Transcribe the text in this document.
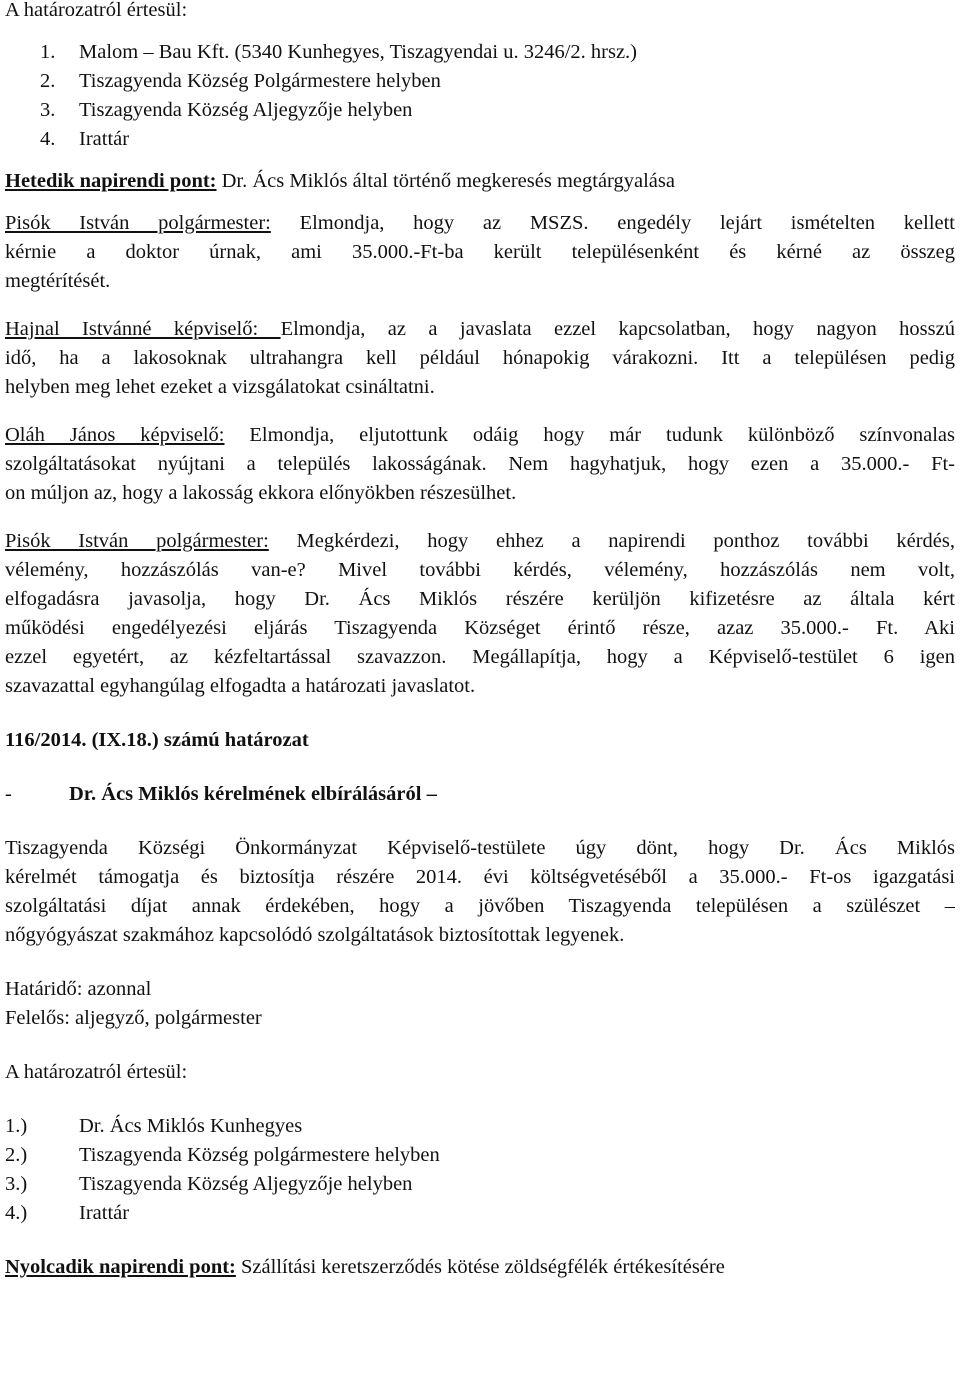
A határozatról értesül:
1.	Malom – Bau Kft. (5340 Kunhegyes, Tiszagyendai u. 3246/2. hrsz.)
2.	Tiszagyenda Község Polgármestere helyben
3.	Tiszagyenda Község Aljegyzője helyben
4.	Irattár
Hetedik napirendi pont: Dr. Ács Miklós által történő megkeresés megtárgyalása
Pisók István polgármester: Elmondja, hogy az MSZS. engedély lejárt ismételten kellett
kérnie a doktor úrnak, ami 35.000.-Ft-ba került településenként és kérné az összeg
megtérítését.
Hajnal Istvánné képviselő: Elmondja, az a javaslata ezzel kapcsolatban, hogy nagyon hosszú
idő, ha a lakosoknak ultrahangra kell például hónapokig várakozni. Itt a településen pedig
helyben meg lehet ezeket a vizsgálatokat csináltatni.
Oláh János képviselő: Elmondja, eljutottunk odáig hogy már tudunk különböző színvonalas
szolgáltatásokat nyújtani a település lakosságának. Nem hagyhatjuk, hogy ezen a 35.000.- Ft-
on múljon az, hogy a lakosság ekkora előnyökben részesülhet.
Pisók István polgármester: Megkérdezi, hogy ehhez a napirendi ponthoz további kérdés,
vélemény, hozzászólás van-e? Mivel további kérdés, vélemény, hozzászólás nem volt,
elfogadásra javasolja, hogy Dr. Ács Miklós részére kerüljön kifizetésre az általa kért
működési engedélyezési eljárás Tiszagyenda Községet érintő része, azaz 35.000.- Ft. Aki
ezzel egyetért, az kézfeltartással szavazzon. Megállapítja, hogy a Képviselő-testület 6 igen
szavazattal egyhangúlag elfogadta a határozati javaslatot.
116/2014. (IX.18.) számú határozat
-	Dr. Ács Miklós kérelmének elbírálásáról –
Tiszagyenda Községi Önkormányzat Képviselő-testülete úgy dönt, hogy Dr. Ács Miklós
kérelmét támogatja és biztosítja részére 2014. évi költségvetéséből a 35.000.- Ft-os igazgatási
szolgáltatási díjat annak érdekében, hogy a jövőben Tiszagyenda településen a szülészet –
nőgyógyászat szakmához kapcsolódó szolgáltatások biztosítottak legyenek.
Határidő: azonnal
Felelős: aljegyző, polgármester
A határozatról értesül:
1.)	Dr. Ács Miklós Kunhegyes
2.)	Tiszagyenda Község polgármestere helyben
3.)	Tiszagyenda Község Aljegyzője helyben
4.)	Irattár
Nyolcadik napirendi pont: Szállítási keretszerződés kötése zöldségfélék értékesítésére
